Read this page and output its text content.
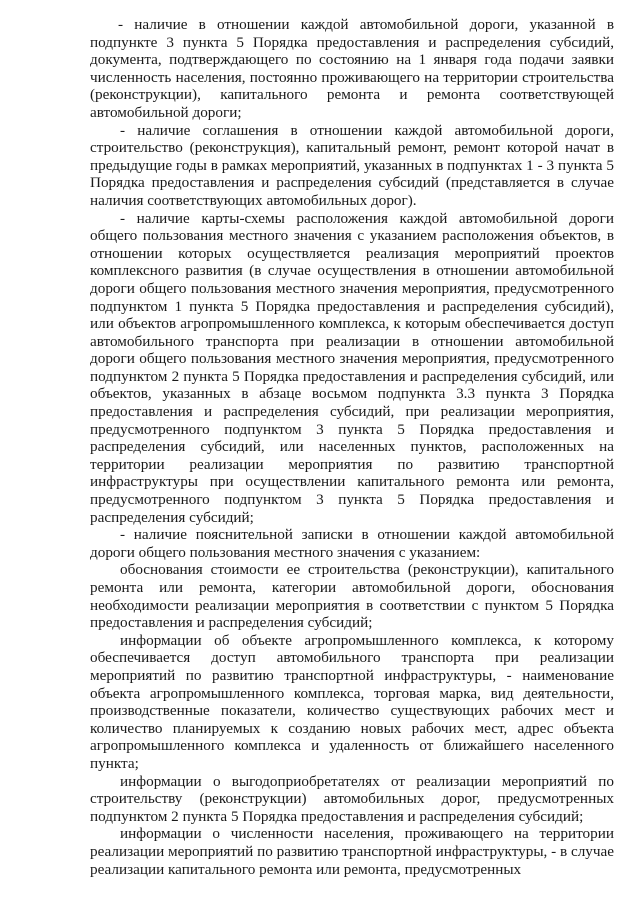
- наличие в отношении каждой автомобильной дороги, указанной в подпункте 3 пункта 5 Порядка предоставления и распределения субсидий, документа, подтверждающего по состоянию на 1 января года подачи заявки численность населения, постоянно проживающего на территории строительства (реконструкции), капитального ремонта и ремонта соответствующей автомобильной дороги;

- наличие соглашения в отношении каждой автомобильной дороги, строительство (реконструкция), капитальный ремонт, ремонт которой начат в предыдущие годы в рамках мероприятий, указанных в подпунктах 1 - 3 пункта 5 Порядка предоставления и распределения субсидий (представляется в случае наличия соответствующих автомобильных дорог).

- наличие карты-схемы расположения каждой автомобильной дороги общего пользования местного значения с указанием расположения объектов, в отношении которых осуществляется реализация мероприятий проектов комплексного развития (в случае осуществления в отношении автомобильной дороги общего пользования местного значения мероприятия, предусмотренного подпунктом 1 пункта 5 Порядка предоставления и распределения субсидий), или объектов агропромышленного комплекса, к которым обеспечивается доступ автомобильного транспорта при реализации в отношении автомобильной дороги общего пользования местного значения мероприятия, предусмотренного подпунктом 2 пункта 5 Порядка предоставления и распределения субсидий, или объектов, указанных в абзаце восьмом подпункта 3.3 пункта 3 Порядка предоставления и распределения субсидий, при реализации мероприятия, предусмотренного подпунктом 3 пункта 5 Порядка предоставления и распределения субсидий, или населенных пунктов, расположенных на территории реализации мероприятия по развитию транспортной инфраструктуры при осуществлении капитального ремонта или ремонта, предусмотренного подпунктом 3 пункта 5 Порядка предоставления и распределения субсидий;

- наличие пояснительной записки в отношении каждой автомобильной дороги общего пользования местного значения с указанием:

обоснования стоимости ее строительства (реконструкции), капитального ремонта или ремонта, категории автомобильной дороги, обоснования необходимости реализации мероприятия в соответствии с пунктом 5 Порядка предоставления и распределения субсидий;

информации об объекте агропромышленного комплекса, к которому обеспечивается доступ автомобильного транспорта при реализации мероприятий по развитию транспортной инфраструктуры, - наименование объекта агропромышленного комплекса, торговая марка, вид деятельности, производственные показатели, количество существующих рабочих мест и количество планируемых к созданию новых рабочих мест, адрес объекта агропромышленного комплекса и удаленность от ближайшего населенного пункта;

информации о выгодоприобретателях от реализации мероприятий по строительству (реконструкции) автомобильных дорог, предусмотренных подпунктом 2 пункта 5 Порядка предоставления и распределения субсидий;

информации о численности населения, проживающего на территории реализации мероприятий по развитию транспортной инфраструктуры, - в случае реализации капитального ремонта или ремонта, предусмотренных
